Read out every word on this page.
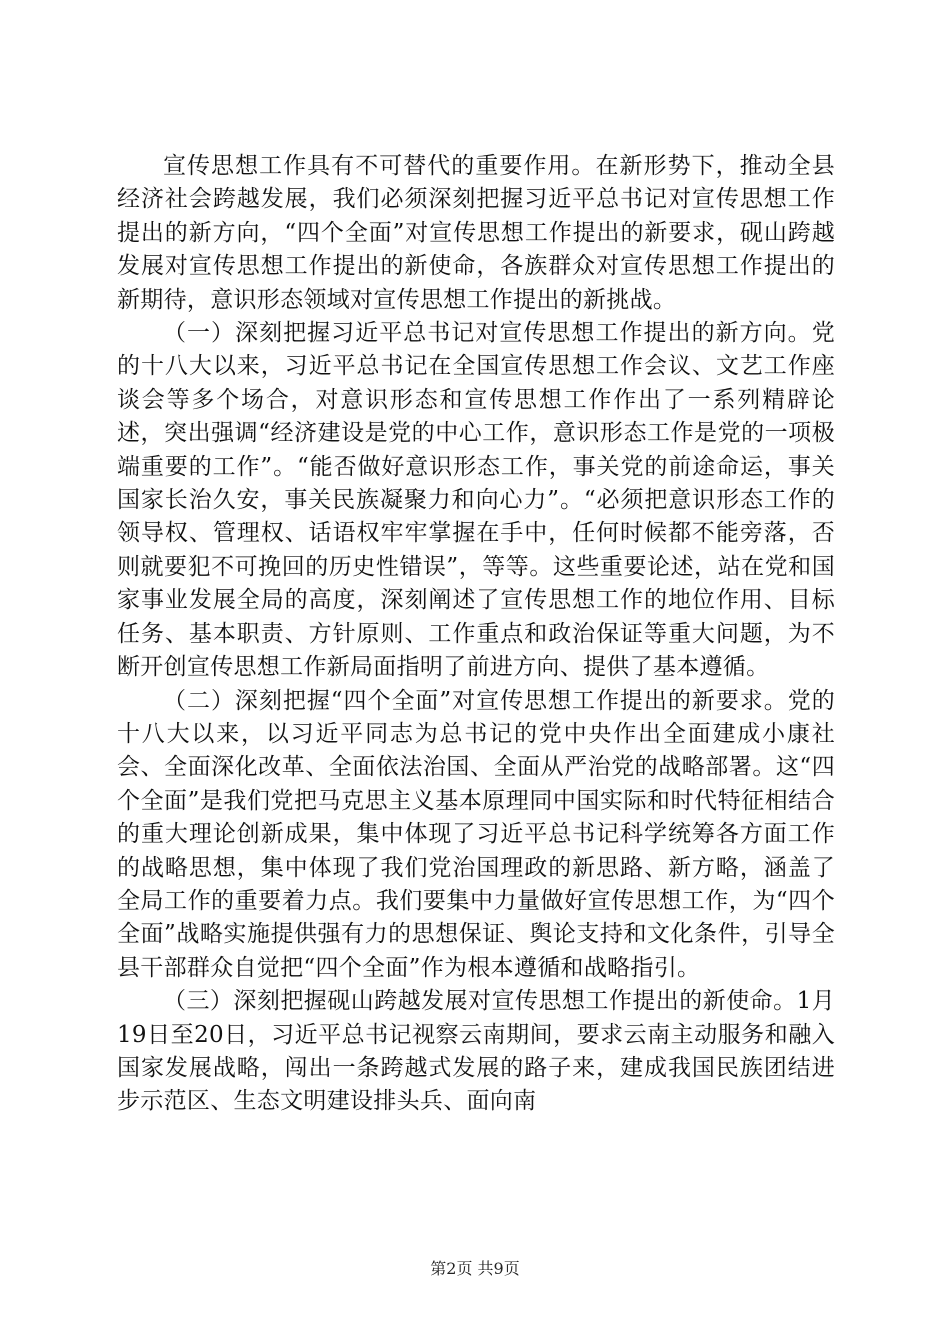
宣传思想工作具有不可替代的重要作用。在新形势下，推动全县经济社会跨越发展，我们必须深刻把握习近平总书记对宣传思想工作提出的新方向，“四个全面”对宣传思想工作提出的新要求，砚山跨越发展对宣传思想工作提出的新使命，各族群众对宣传思想工作提出的新期待，意识形态领域对宣传思想工作提出的新挑战。

（一）深刻把握习近平总书记对宣传思想工作提出的新方向。党的十八大以来，习近平总书记在全国宣传思想工作会议、文艺工作座谈会等多个场合，对意识形态和宣传思想工作作出了一系列精辟论述，突出强调“经济建设是党的中心工作，意识形态工作是党的一项极端重要的工作”。“能否做好意识形态工作，事关党的前途命运，事关国家长治久安，事关民族凝聚力和向心力”。“必须把意识形态工作的领导权、管理权、话语权牢牢掌握在手中，任何时候都不能旁落，否则就要犯不可挽回的历史性错误”，等等。这些重要论述，站在党和国家事业发展全局的高度，深刻阐述了宣传思想工作的地位作用、目标任务、基本职责、方针原则、工作重点和政治保证等重大问题，为不断开创宣传思想工作新局面指明了前进方向、提供了基本遵循。

（二）深刻把握“四个全面”对宣传思想工作提出的新要求。党的十八大以来，以习近平同志为总书记的党中央作出全面建成小康社会、全面深化改革、全面依法治国、全面从严治党的战略部署。这“四个全面”是我们党把马克思主义基本原理同中国实际和时代特征相结合的重大理论创新成果，集中体现了习近平总书记科学统筹各方面工作的战略思想，集中体现了我们党治国理政的新思路、新方略，涵盖了全局工作的重要着力点。我们要集中力量做好宣传思想工作，为“四个全面”战略实施提供强有力的思想保证、舆论支持和文化条件，引导全县干部群众自觉把“四个全面”作为根本遵循和战略指引。

（三）深刻把握砚山跨越发展对宣传思想工作提出的新使命。1月19日至20日，习近平总书记视察云南期间，要求云南主动服务和融入国家发展战略，闯出一条跨越式发展的路子来，建成我国民族团结进步示范区、生态文明建设排头兵、面向南

第2页 共9页
